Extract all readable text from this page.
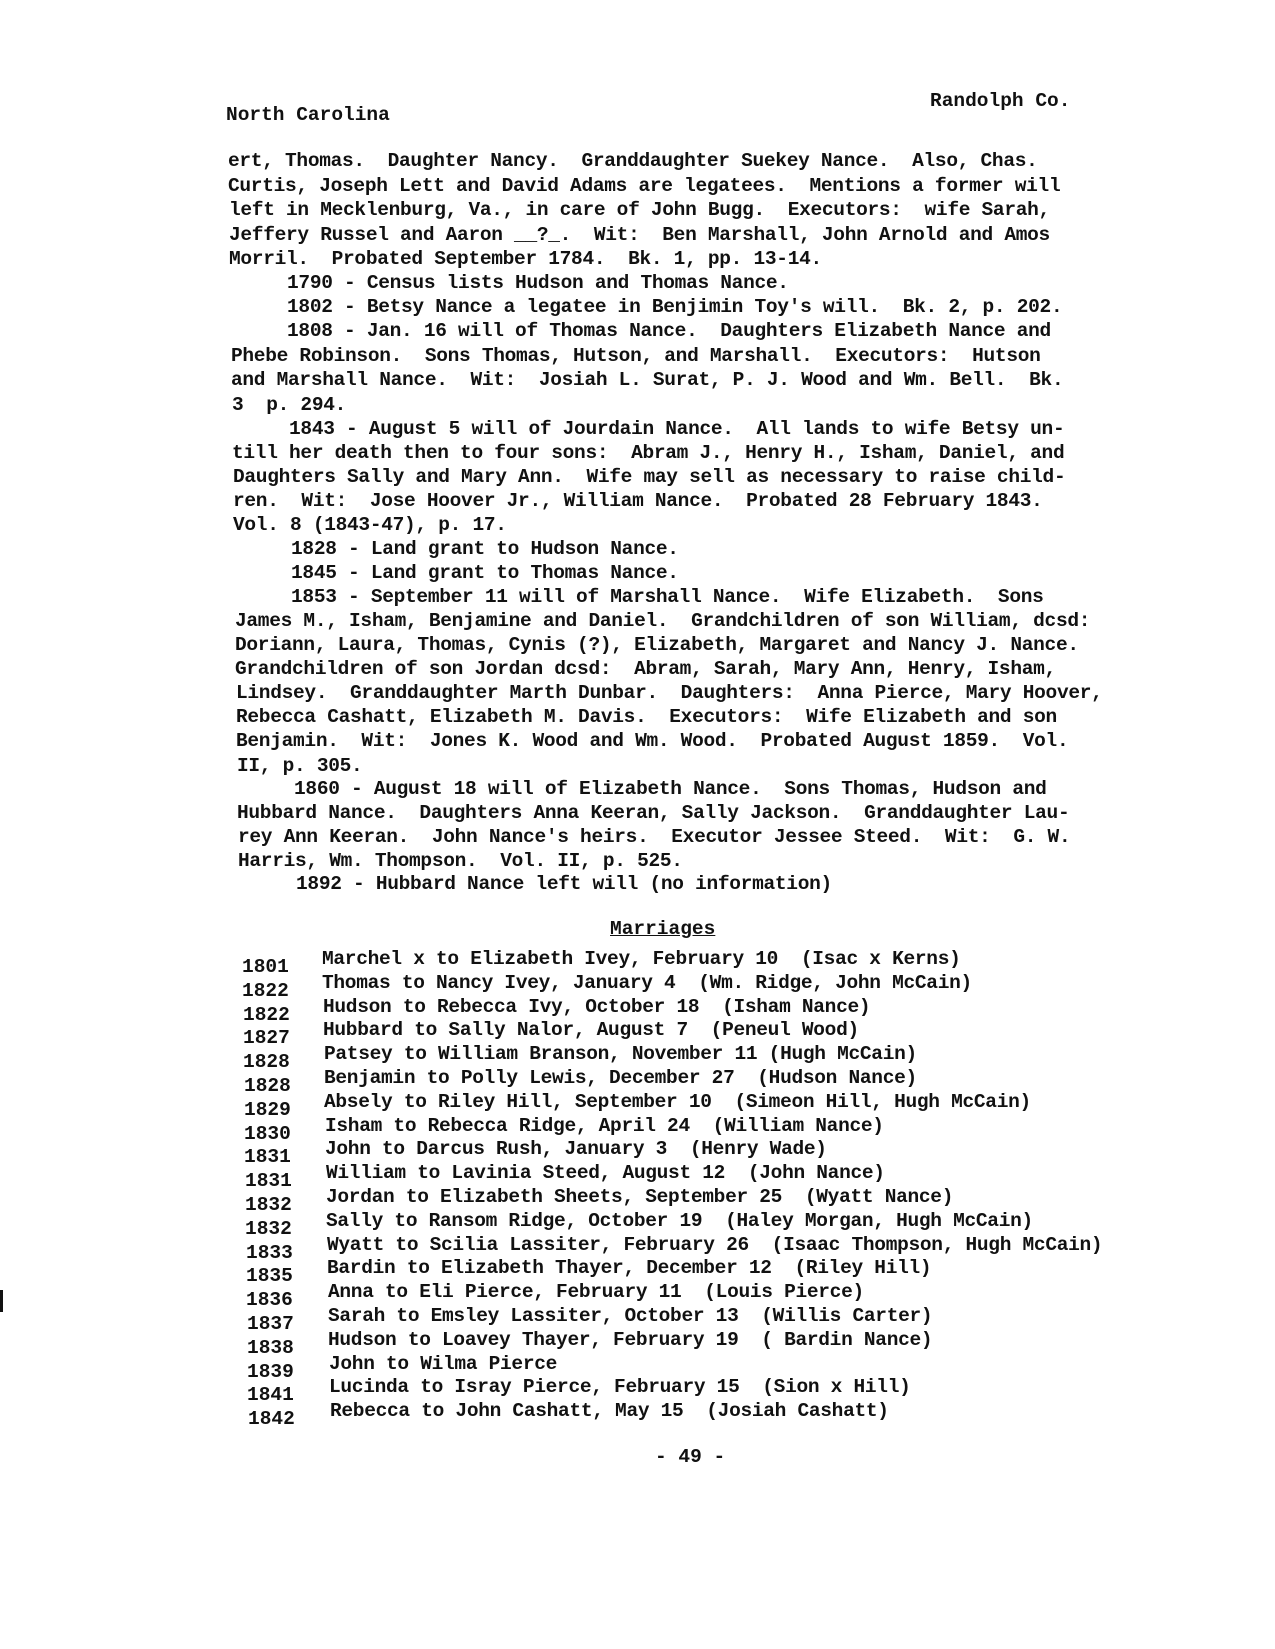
North Carolina
Randolph Co.
ert, Thomas.  Daughter Nancy.  Granddaughter Suekey Nance.  Also, Chas.
Curtis, Joseph Lett and David Adams are legatees.  Mentions a former will
left in Mecklenburg, Va., in care of John Bugg.  Executors:  wife Sarah,
Jeffery Russel and Aaron __?_.  Wit:  Ben Marshall, John Arnold and Amos
Morril.  Probated September 1784.  Bk. 1, pp. 13-14.
1790 - Census lists Hudson and Thomas Nance.
1802 - Betsy Nance a legatee in Benjimin Toy's will.  Bk. 2, p. 202.
1808 - Jan. 16 will of Thomas Nance.  Daughters Elizabeth Nance and
Phebe Robinson.  Sons Thomas, Hutson, and Marshall.  Executors:  Hutson
and Marshall Nance.  Wit:  Josiah L. Surat, P. J. Wood and Wm. Bell.  Bk.
3  p. 294.
1843 - August 5 will of Jourdain Nance.  All lands to wife Betsy un-
till her death then to four sons:  Abram J., Henry H., Isham, Daniel, and
Daughters Sally and Mary Ann.  Wife may sell as necessary to raise child-
ren.  Wit:  Jose Hoover Jr., William Nance.  Probated 28 February 1843.
Vol. 8 (1843-47), p. 17.
1828 - Land grant to Hudson Nance.
1845 - Land grant to Thomas Nance.
1853 - September 11 will of Marshall Nance.  Wife Elizabeth.  Sons
James M., Isham, Benjamine and Daniel.  Grandchildren of son William, dcsd:
Doriann, Laura, Thomas, Cynis (?), Elizabeth, Margaret and Nancy J. Nance.
Grandchildren of son Jordan dcsd:  Abram, Sarah, Mary Ann, Henry, Isham,
Lindsey.  Granddaughter Marth Dunbar.  Daughters:  Anna Pierce, Mary Hoover,
Rebecca Cashatt, Elizabeth M. Davis.  Executors:  Wife Elizabeth and son
Benjamin.  Wit:  Jones K. Wood and Wm. Wood.  Probated August 1859.  Vol.
II, p. 305.
1860 - August 18 will of Elizabeth Nance.  Sons Thomas, Hudson and
Hubbard Nance.  Daughters Anna Keeran, Sally Jackson.  Granddaughter Lau-
rey Ann Keeran.  John Nance's heirs.  Executor Jessee Steed.  Wit:  G. W.
Harris, Wm. Thompson.  Vol. II, p. 525.
1892 - Hubbard Nance left will (no information)
Marriages
1801 Marchel x to Elizabeth Ivey, February 10  (Isac x Kerns)
1822 Thomas to Nancy Ivey, January 4  (Wm. Ridge, John McCain)
1822 Hudson to Rebecca Ivy, October 18  (Isham Nance)
1827 Hubbard to Sally Nalor, August 7  (Peneul Wood)
1828 Patsey to William Branson, November 11 (Hugh McCain)
1828 Benjamin to Polly Lewis, December 27  (Hudson Nance)
1829 Absely to Riley Hill, September 10  (Simeon Hill, Hugh McCain)
1830 Isham to Rebecca Ridge, April 24  (William Nance)
1831 John to Darcus Rush, January 3  (Henry Wade)
1831 William to Lavinia Steed, August 12  (John Nance)
1832 Jordan to Elizabeth Sheets, September 25  (Wyatt Nance)
1832 Sally to Ransom Ridge, October 19  (Haley Morgan, Hugh McCain)
1833 Wyatt to Scilia Lassiter, February 26  (Isaac Thompson, Hugh McCain)
1835 Bardin to Elizabeth Thayer, December 12  (Riley Hill)
1836 Anna to Eli Pierce, February 11  (Louis Pierce)
1837 Sarah to Emsley Lassiter, October 13  (Willis Carter)
1838 Hudson to Loavey Thayer, February 19  ( Bardin Nance)
1839 John to Wilma Pierce
1841 Lucinda to Isray Pierce, February 15  (Sion x Hill)
1842 Rebecca to John Cashatt, May 15  (Josiah Cashatt)
- 49 -
